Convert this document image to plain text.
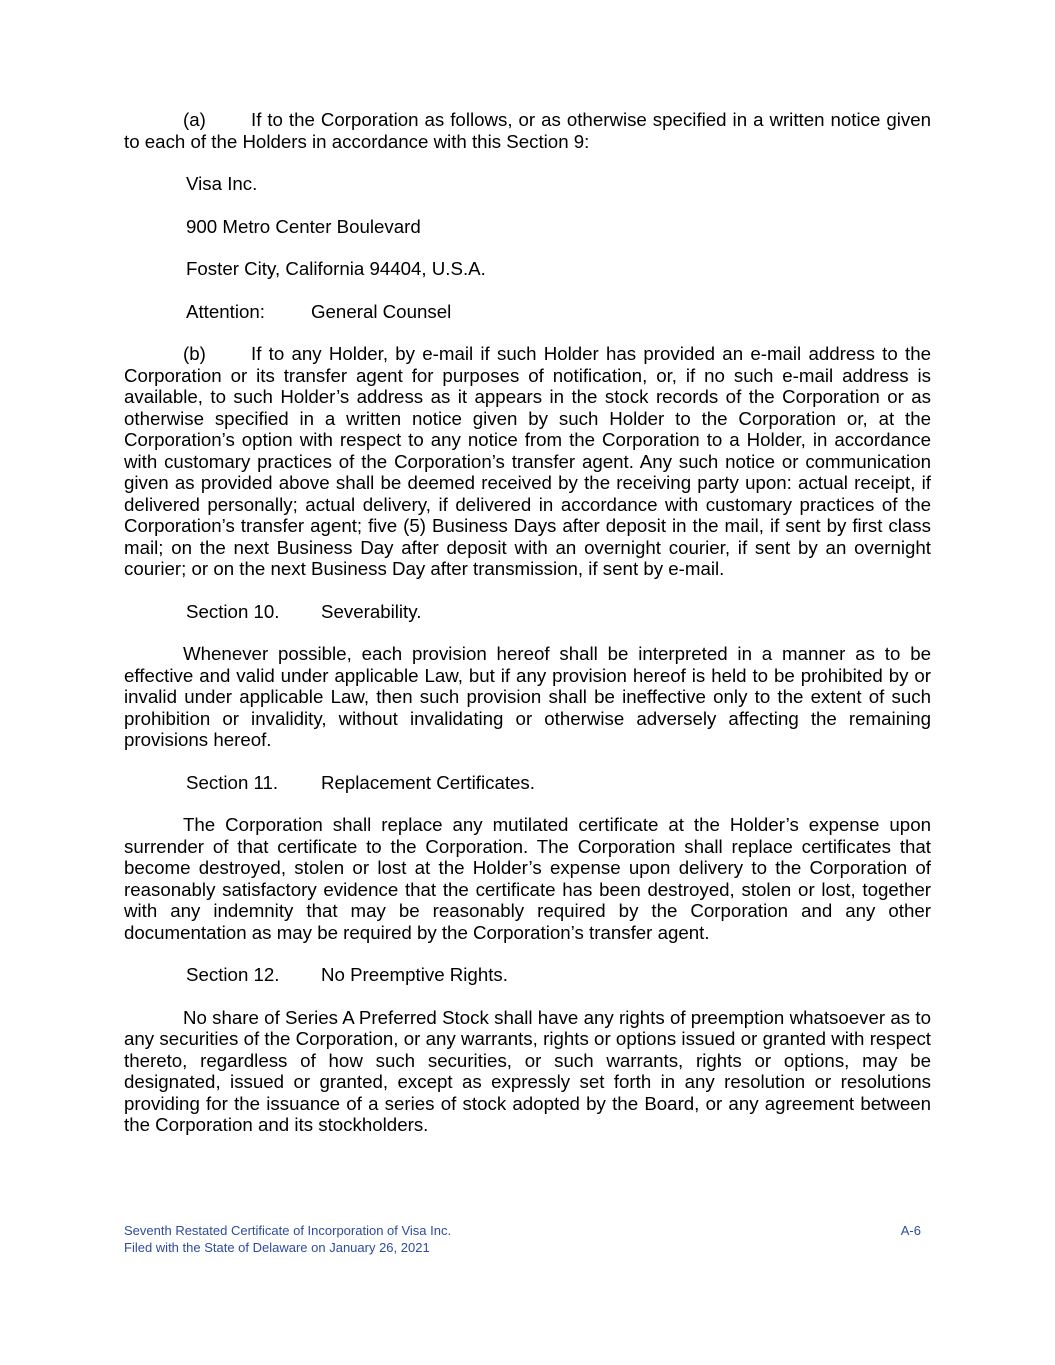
(a) If to the Corporation as follows, or as otherwise specified in a written notice given to each of the Holders in accordance with this Section 9:

Visa Inc.

900 Metro Center Boulevard

Foster City, California 94404, U.S.A.

Attention: General Counsel

(b) If to any Holder, by e-mail if such Holder has provided an e-mail address to the Corporation or its transfer agent for purposes of notification, or, if no such e-mail address is available, to such Holder’s address as it appears in the stock records of the Corporation or as otherwise specified in a written notice given by such Holder to the Corporation or, at the Corporation’s option with respect to any notice from the Corporation to a Holder, in accordance with customary practices of the Corporation’s transfer agent. Any such notice or communication given as provided above shall be deemed received by the receiving party upon: actual receipt, if delivered personally; actual delivery, if delivered in accordance with customary practices of the Corporation’s transfer agent; five (5) Business Days after deposit in the mail, if sent by first class mail; on the next Business Day after deposit with an overnight courier, if sent by an overnight courier; or on the next Business Day after transmission, if sent by e-mail.

Section 10. Severability.

Whenever possible, each provision hereof shall be interpreted in a manner as to be effective and valid under applicable Law, but if any provision hereof is held to be prohibited by or invalid under applicable Law, then such provision shall be ineffective only to the extent of such prohibition or invalidity, without invalidating or otherwise adversely affecting the remaining provisions hereof.

Section 11. Replacement Certificates.

The Corporation shall replace any mutilated certificate at the Holder’s expense upon surrender of that certificate to the Corporation. The Corporation shall replace certificates that become destroyed, stolen or lost at the Holder’s expense upon delivery to the Corporation of reasonably satisfactory evidence that the certificate has been destroyed, stolen or lost, together with any indemnity that may be reasonably required by the Corporation and any other documentation as may be required by the Corporation’s transfer agent.

Section 12. No Preemptive Rights.

No share of Series A Preferred Stock shall have any rights of preemption whatsoever as to any securities of the Corporation, or any warrants, rights or options issued or granted with respect thereto, regardless of how such securities, or such warrants, rights or options, may be designated, issued or granted, except as expressly set forth in any resolution or resolutions providing for the issuance of a series of stock adopted by the Board, or any agreement between the Corporation and its stockholders.

Seventh Restated Certificate of Incorporation of Visa Inc.
Filed with the State of Delaware on January 26, 2021
A-6
